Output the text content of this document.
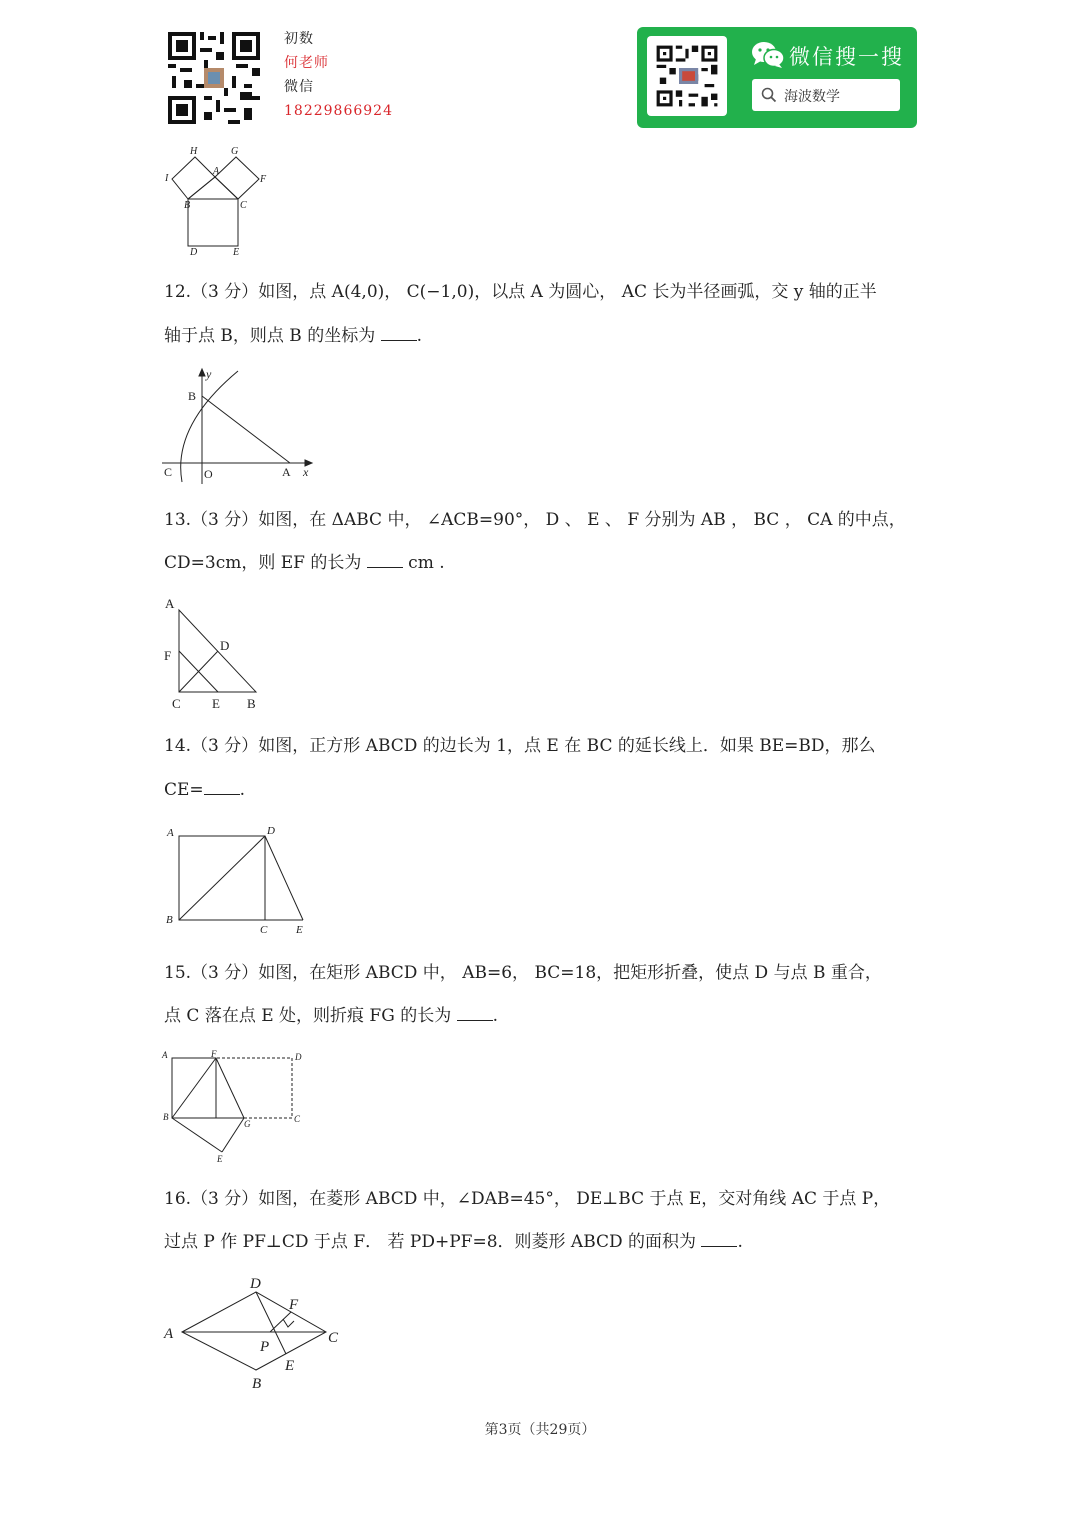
初数
何老师
微信
18229866924
微信搜一搜
海波数学
H	G
I
A
F
B	C
D	E
12.（3 分）如图，点 A(4,0)， C(−1,0)，以点 A 为圆心， AC 长为半径画弧，交 y 轴的正半
轴于点 B，则点 B 的坐标为 .
y
B
C	O	A x
13.（3 分）如图，在 ΔABC 中， ∠ACB=90°， D 、 E 、 F 分别为 AB ， BC ， CA 的中点，
CD=3cm，则 EF 的长为  cm .
A
D
F
C E B
14.（3 分）如图，正方形 ABCD 的边长为 1，点 E 在 BC 的延长线上．如果 BE=BD，那么
CE= .
A	D
B
C	E
15.（3 分）如图，在矩形 ABCD 中， AB=6， BC=18，把矩形折叠，使点 D 与点 B 重合，
点 C 落在点 E 处，则折痕 FG 的长为 .
A	F	D
B
G	C
E
16.（3 分）如图，在菱形 ABCD 中，∠DAB=45°， DE⊥BC 于点 E，交对角线 AC 于点 P，
过点 P 作 PF⊥CD 于点 F． 若 PD+PF=8．则菱形 ABCD 的面积为 .
D
F
A	C
P
E
B
第3页（共29页）
